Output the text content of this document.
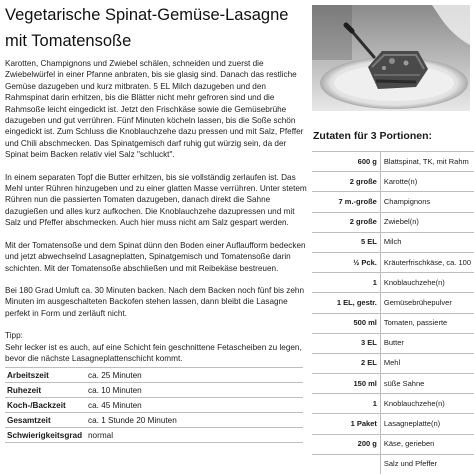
Vegetarische Spinat-Gemüse-Lasagne mit Tomatensoße

Karotten, Champignons und Zwiebel schälen, schneiden und zuerst die Zwiebelwürfel in einer Pfanne anbraten, bis sie glasig sind. Danach das restliche Gemüse dazugeben und kurz mitbraten. 5 EL Milch dazugeben und den Rahmspinat darin erhitzen, bis die Blätter nicht mehr gefroren sind und die Rahmsoße leicht eingedickt ist. Jetzt den Frischkäse sowie die Gemüsebrühe dazugeben und gut verrühren. Fünf Minuten köcheln lassen, bis die Soße schön eingedickt ist. Zum Schluss die Knoblauchzehe dazu pressen und mit Salz, Pfeffer und Chili abschmecken. Das Spinatgemisch darf ruhig gut würzig sein, da der Spinat beim Backen relativ viel Salz "schluckt".

In einem separaten Topf die Butter erhitzen, bis sie vollständig zerlaufen ist. Das Mehl unter Rühren hinzugeben und zu einer glatten Masse verrühren. Unter stetem Rühren nun die passierten Tomaten dazugeben, danach direkt die Sahne dazugießen und alles kurz aufkochen. Die Knoblauchzehe dazupressen und mit Salz und Pfeffer abschmecken. Auch hier muss nicht am Salz gespart werden.

Mit der Tomatensoße und dem Spinat dünn den Boden einer Auflaufform bedecken und jetzt abwechselnd Lasagneplatten, Spinatgemisch und Tomatensoße darin schichten. Mit der Tomatensoße abschließen und mit Reibekäse bestreuen.

Bei 180 Grad Umluft ca. 30 Minuten backen. Nach dem Backen noch fünf bis zehn Minuten im ausgeschalteten Backofen stehen lassen, dann bleibt die Lasagne perfekt in Form und zerläuft nicht.

Tipp:
Sehr lecker ist es auch, auf eine Schicht fein geschnittene Fetascheiben zu legen, bevor die nächste Lasagneplattenschicht kommt.

Arbeitszeit	ca. 25 Minuten
Ruhezeit	ca. 10 Minuten
Koch-/Backzeit	ca. 45 Minuten
Gesamtzeit	ca. 1 Stunde 20 Minuten
Schwierigkeitsgrad	normal
Zutaten für 3 Portionen:
600 g	Blattspinat, TK, mit Rahm
2 große	Karotte(n)
7 m.-große	Champignons
2 große	Zwiebel(n)
5 EL	Milch
½ Pck.	Kräuterfrischkäse, ca. 100
1	Knoblauchzehe(n)
1 EL, gestr.	Gemüsebrühepulver
500 ml	Tomaten, passierte
3 EL	Butter
2 EL	Mehl
150 ml	süße Sahne
1	Knoblauchzehe(n)
1 Paket	Lasagneplatte(n)
200 g	Käse, gerieben
	Salz und Pfeffer
